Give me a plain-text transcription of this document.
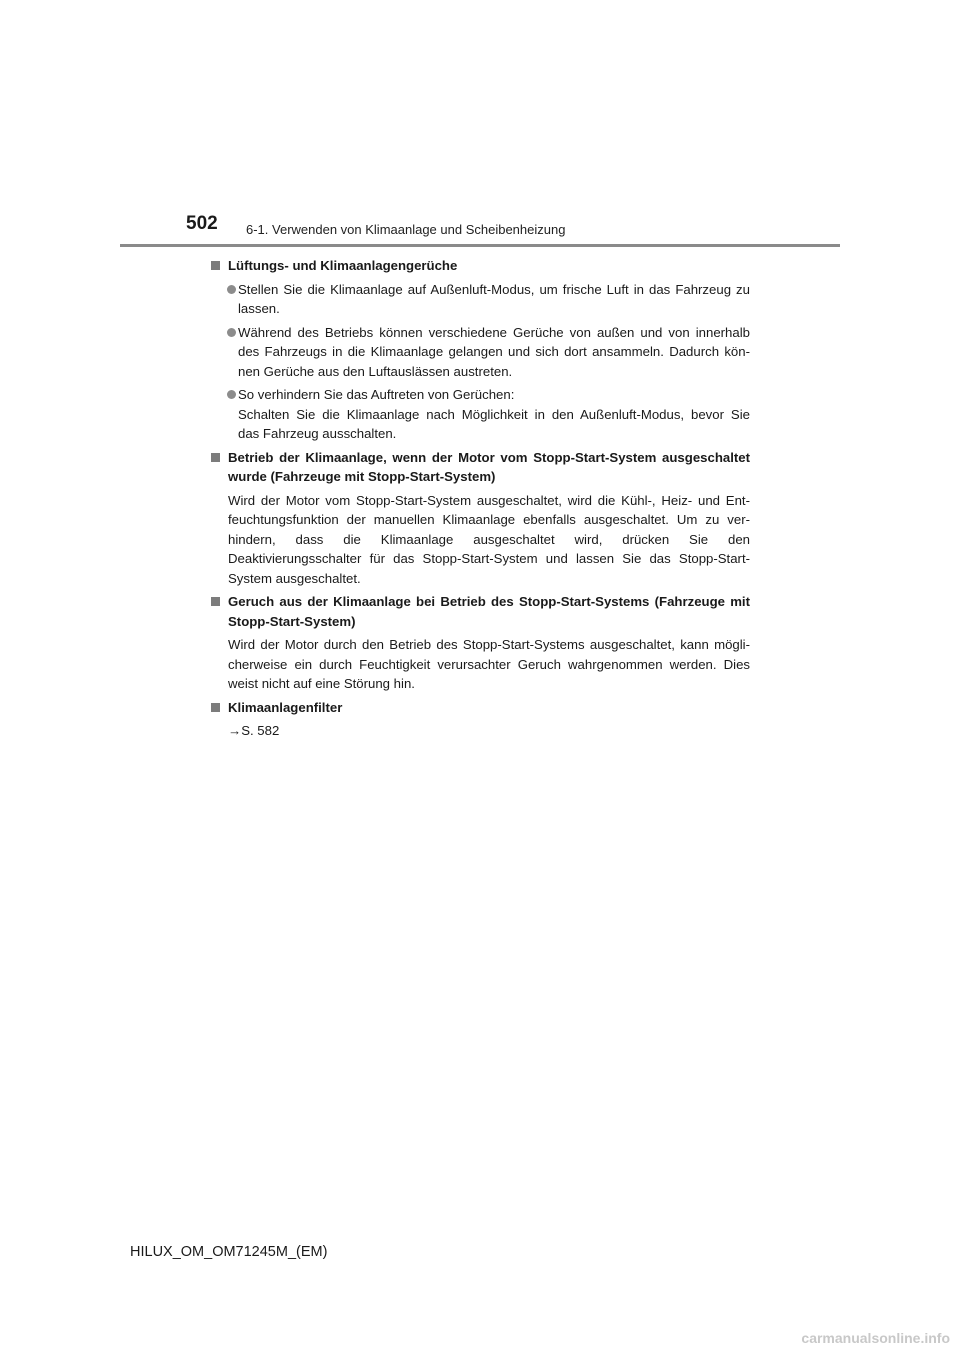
502 6-1. Verwenden von Klimaanlage und Scheibenheizung
Lüftungs- und Klimaanlagengerüche
Stellen Sie die Klimaanlage auf Außenluft-Modus, um frische Luft in das Fahrzeug zu
lassen.
Während des Betriebs können verschiedene Gerüche von außen und von innerhalb
des Fahrzeugs in die Klimaanlage gelangen und sich dort ansammeln. Dadurch kön-
nen Gerüche aus den Luftauslässen austreten.
So verhindern Sie das Auftreten von Gerüchen:
Schalten Sie die Klimaanlage nach Möglichkeit in den Außenluft-Modus, bevor Sie
das Fahrzeug ausschalten.
Betrieb der Klimaanlage, wenn der Motor vom Stopp-Start-System ausgeschaltet wurde (Fahrzeuge mit Stopp-Start-System)
Wird der Motor vom Stopp-Start-System ausgeschaltet, wird die Kühl-, Heiz- und Ent-
feuchtungsfunktion der manuellen Klimaanlage ebenfalls ausgeschaltet. Um zu ver-
hindern, dass die Klimaanlage ausgeschaltet wird, drücken Sie den
Deaktivierungsschalter für das Stopp-Start-System und lassen Sie das Stopp-Start-
System ausgeschaltet.
Geruch aus der Klimaanlage bei Betrieb des Stopp-Start-Systems (Fahrzeuge mit Stopp-Start-System)
Wird der Motor durch den Betrieb des Stopp-Start-Systems ausgeschaltet, kann mögli-
cherweise ein durch Feuchtigkeit verursachter Geruch wahrgenommen werden. Dies
weist nicht auf eine Störung hin.
Klimaanlagenfilter
→S. 582
HILUX_OM_OM71245M_(EM)
carmanualsonline.info
